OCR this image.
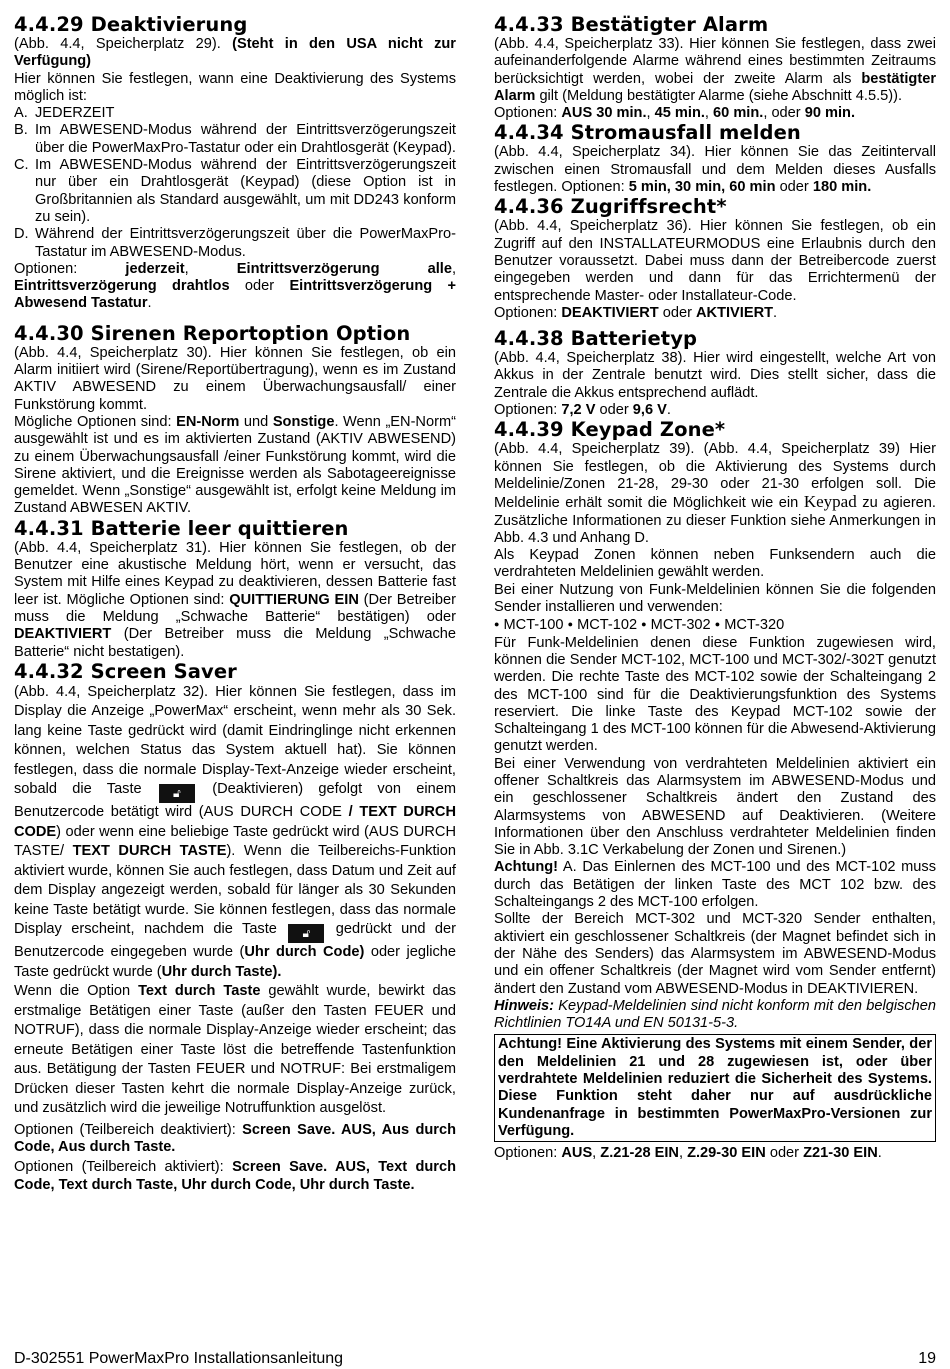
4.4.29 Deaktivierung

(Abb. 4.4, Speicherplatz 29). (Steht in den USA nicht zur Verfügung)

Hier können Sie festlegen, wann eine Deaktivierung des Systems möglich ist:

A. JEDERZEIT
B. Im ABWESEND-Modus während der Eintrittsverzögerungszeit über die PowerMaxPro-Tastatur oder ein Drahtlosgerät (Keypad).
C. Im ABWESEND-Modus während der Eintrittsverzögerungszeit nur über ein Drahtlosgerät (Keypad) (diese Option ist in Großbritannien als Standard ausgewählt, um mit DD243 konform zu sein).
D. Während der Eintrittsverzögerungszeit über die PowerMaxPro-Tastatur im ABWESEND-Modus.

Optionen:	jederzeit, Eintrittsverzögerung alle, Eintrittsverzögerung drahtlos oder Eintrittsverzögerung + Abwesend Tastatur.

4.4.30 Sirenen Reportoption Option

(Abb. 4.4, Speicherplatz 30). Hier können Sie festlegen, ob ein Alarm initiiert wird (Sirene/Reportübertragung), wenn es im Zustand AKTIV ABWESEND zu einem Überwachungsausfall/ einer Funkstörung kommt.

Mögliche Optionen sind: EN-Norm und Sonstige. Wenn „EN-Norm“ ausgewählt ist und es im aktivierten Zustand (AKTIV ABWESEND) zu einem Überwachungsausfall /einer Funkstörung kommt, wird die Sirene aktiviert, und die Ereignisse werden als Sabotageereignisse gemeldet. Wenn „Sonstige“ ausgewählt ist, erfolgt keine Meldung im Zustand ABWESEN AKTIV.

4.4.31 Batterie leer quittieren

(Abb. 4.4, Speicherplatz 31). Hier können Sie festlegen, ob der Benutzer eine akustische Meldung hört, wenn er versucht, das System mit Hilfe eines Keypad zu deaktivieren, dessen Batterie fast leer ist. Mögliche Optionen sind: QUITTIERUNG EIN (Der Betreiber muss die Meldung „Schwache Batterie“ bestätigen) oder DEAKTIVIERT (Der Betreiber muss die Meldung „Schwache Batterie“ nicht bestatigen).

4.4.32 Screen Saver

(Abb. 4.4, Speicherplatz 32). Hier können Sie festlegen, dass im Display die Anzeige „PowerMax“ erscheint, wenn mehr als 30 Sek. lang keine Taste gedrückt wird (damit Eindringlinge nicht erkennen können, welchen Status das System aktuell hat). Sie können festlegen, dass die normale Display-Text-Anzeige wieder erscheint, sobald die Taste	🔓︎ (Deaktivieren) gefolgt von einem Benutzercode betätigt wird (AUS DURCH CODE / TEXT DURCH CODE) oder wenn eine beliebige Taste gedrückt wird (AUS DURCH TASTE/ TEXT DURCH TASTE). Wenn die Teilbereichs-Funktion aktiviert wurde, können Sie auch festlegen, dass Datum und Zeit auf dem Display angezeigt werden, sobald für länger als 30 Sekunden keine Taste betätigt wurde. Sie können festlegen, dass das normale Display erscheint, nachdem die Taste 🔓︎ gedrückt und der Benutzercode eingegeben wurde (Uhr durch Code) oder jegliche Taste gedrückt wurde (Uhr durch Taste).

Wenn die Option Text durch Taste gewählt wurde, bewirkt das erstmalige Betätigen einer Taste (außer den Tasten FEUER und NOTRUF), dass die normale Display-Anzeige wieder erscheint; das erneute Betätigen einer Taste löst die betreffende Tastenfunktion aus. Betätigung der Tasten FEUER und NOTRUF: Bei erstmaligem Drücken dieser Tasten kehrt die normale Display-Anzeige zurück, und zusätzlich wird die jeweilige Notruffunktion ausgelöst.

Optionen (Teilbereich deaktiviert): Screen Save. AUS, Aus durch Code, Aus durch Taste.

Optionen (Teilbereich aktiviert): Screen Save. AUS, Text durch Code, Text durch Taste, Uhr durch Code, Uhr durch Taste.

4.4.33 Bestätigter Alarm

(Abb. 4.4, Speicherplatz 33). Hier können Sie festlegen, dass zwei aufeinanderfolgende Alarme während eines bestimmten Zeitraums berücksichtigt werden, wobei der zweite Alarm als bestätigter Alarm gilt (Meldung bestätigter Alarme (siehe Abschnitt 4.5.5)).

Optionen: AUS 30 min., 45 min., 60 min., oder 90 min.

4.4.34 Stromausfall melden

(Abb. 4.4, Speicherplatz 34). Hier können Sie das Zeitintervall zwischen einen Stromausfall und dem Melden dieses Ausfalls festlegen. Optionen: 5 min, 30 min, 60 min oder 180 min.

4.4.36 Zugriffsrecht*

(Abb. 4.4, Speicherplatz 36). Hier können Sie festlegen, ob ein Zugriff auf den INSTALLATEURMODUS eine Erlaubnis durch den Benutzer voraussetzt. Dabei muss dann der Betreibercode zuerst eingegeben werden und dann für das Errichtermenü der entsprechende Master- oder Installateur-Code.

Optionen: DEAKTIVIERT oder AKTIVIERT.

4.4.38 Batterietyp

(Abb. 4.4, Speicherplatz 38). Hier wird eingestellt, welche Art von Akkus in der Zentrale benutzt wird. Dies stellt sicher, dass die Zentrale die Akkus entsprechend auflädt.

Optionen: 7,2 V oder 9,6 V.

4.4.39 Keypad Zone*

(Abb. 4.4, Speicherplatz 39). (Abb. 4.4, Speicherplatz 39) Hier können Sie festlegen, ob die Aktivierung des Systems durch Meldelinie/Zonen 21-28, 29-30 oder 21-30 erfolgen soll. Die Meldelinie erhält somit die Möglichkeit wie ein Keypad zu agieren. Zusätzliche Informationen zu dieser Funktion siehe Anmerkungen in Abb. 4.3 und Anhang D.

Als Keypad Zonen können neben Funksendern auch die verdrahteten Meldelinien gewählt werden.

Bei einer Nutzung von Funk-Meldelinien können Sie die folgenden Sender installieren und verwenden:

● MCT-100 ● MCT-102 ● MCT-302 ● MCT-320

Für Funk-Meldelinien denen diese Funktion zugewiesen wird, können die Sender MCT-102, MCT-100 und MCT-302/-302T genutzt werden. Die rechte Taste des MCT-102 sowie der Schalteingang 2 des MCT-100 sind für die Deaktivierungsfunktion des Systems reserviert. Die linke Taste des Keypad MCT-102 sowie der Schalteingang 1 des MCT-100 können für die Abwesend-Aktivierung genutzt werden.

Bei einer Verwendung von verdrahteten Meldelinien aktiviert ein offener Schaltkreis das Alarmsystem im ABWESEND-Modus und ein geschlossener Schaltkreis ändert den Zustand des Alarmsystems von ABWESEND auf Deaktivieren. (Weitere Informationen über den Anschluss verdrahteter Meldelinien finden Sie in Abb. 3.1C Verkabelung der Zonen und Sirenen.)

Achtung! A. Das Einlernen des MCT-100 und des MCT-102 muss durch das Betätigen der linken Taste des MCT 102 bzw. des Schalteingangs 2 des MCT-100 erfolgen.

Sollte der Bereich MCT-302 und MCT-320 Sender enthalten, aktiviert ein geschlossener Schaltkreis (der Magnet befindet sich in der Nähe des Senders) das Alarmsystem im ABWESEND-Modus und ein offener Schaltkreis (der Magnet wird vom Sender entfernt) ändert den Zustand vom ABWESEND-Modus in DEAKTIVIEREN.

Hinweis: Keypad-Meldelinien sind nicht konform mit den belgischen Richtlinien TO14A und EN 50131-5-3.

Achtung! Eine Aktivierung des Systems mit einem Sender, der den Meldelinien 21 und 28 zugewiesen ist, oder über verdrahtete Meldelinien reduziert die Sicherheit des Systems. Diese Funktion steht daher nur auf ausdrückliche Kundenanfrage in bestimmten PowerMaxPro-Versionen zur Verfügung.

Optionen: AUS, Z.21-28 EIN, Z.29-30 EIN oder Z21-30 EIN.

D-302551 PowerMaxPro Installationsanleitung	19
